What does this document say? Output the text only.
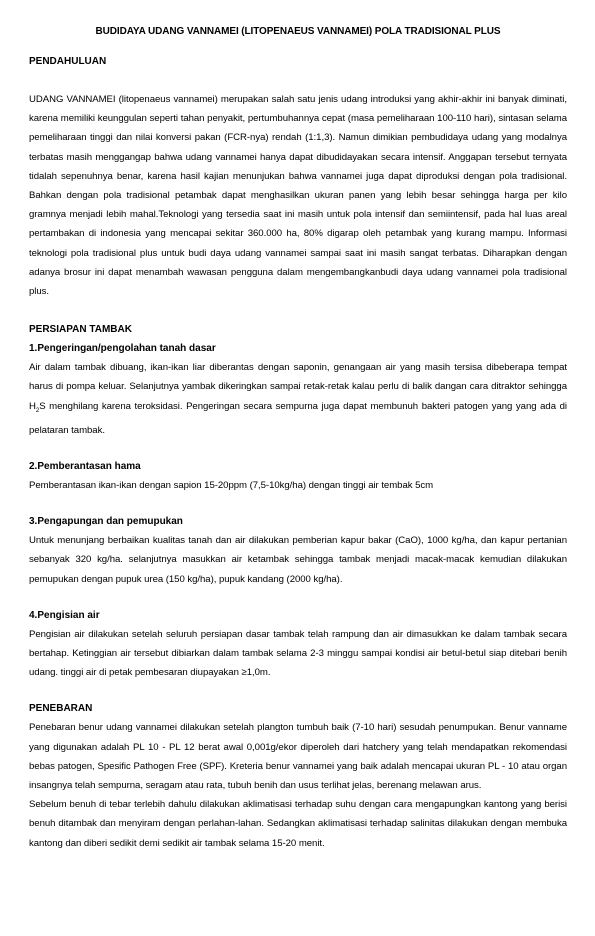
BUDIDAYA UDANG VANNAMEI (LITOPENAEUS VANNAMEI) POLA TRADISIONAL PLUS
PENDAHULUAN

UDANG VANNAMEI (litopenaeus vannamei) merupakan salah satu jenis udang introduksi yang akhir-akhir ini banyak diminati, karena memiliki keunggulan seperti tahan penyakit, pertumbuhannya cepat (masa pemeliharaan 100-110 hari), sintasan selama pemeliharaan tinggi dan nilai konversi pakan (FCR-nya) rendah (1:1,3). Namun dimikian pembudidaya udang yang modalnya terbatas masih menggangap bahwa udang vannamei hanya dapat dibudidayakan secara intensif. Anggapan tersebut ternyata tidalah sepenuhnya benar, karena hasil kajian menunjukan bahwa vannamei juga dapat diproduksi dengan pola tradisional. Bahkan dengan pola tradisional petambak dapat menghasilkan ukuran panen yang lebih besar sehingga harga per kilo gramnya menjadi lebih mahal.Teknologi yang tersedia saat ini masih untuk pola intensif dan semiintensif, pada hal luas areal pertambakan di indonesia yang mencapai sekitar 360.000 ha, 80% digarap oleh petambak yang kurang mampu. Informasi teknologi pola tradisional plus untuk budi daya udang vannamei sampai saat ini masih sangat terbatas. Diharapkan dengan adanya brosur ini dapat menambah wawasan pengguna dalam mengembangkanbudi daya udang vannamei pola tradisional plus.

PERSIAPAN TAMBAK
1.Pengeringan/pengolahan tanah dasar

Air dalam tambak dibuang, ikan-ikan liar diberantas dengan saponin, genangaan air yang masih tersisa dibeberapa tempat harus di pompa keluar. Selanjutnya yambak dikeringkan sampai retak-retak kalau perlu di balik dangan cara ditraktor sehingga $H_2S$ menghilang karena teroksidasi. Pengeringan secara sempurna juga dapat membunuh bakteri patogen yang yang ada di pelataran tambak.

2.Pemberantasan hama

Pemberantasan ikan-ikan dengan sapion 15-20ppm (7,5-10kg/ha) dengan tinggi air tembak 5cm

3.Pengapungan dan pemupukan

Untuk menunjang berbaikan kualitas tanah dan air dilakukan pemberian kapur bakar (CaO), 1000 kg/ha, dan kapur pertanian sebanyak 320 kg/ha. selanjutnya masukkan air ketambak sehingga tambak menjadi macak-macak kemudian dilakukan pemupukan dengan pupuk urea (150 kg/ha), pupuk kandang (2000 kg/ha).

4.Pengisian air

Pengisian air dilakukan setelah seluruh persiapan dasar tambak telah rampung dan air dimasukkan ke dalam tambak secara bertahap. Ketinggian air tersebut dibiarkan dalam tambak selama 2-3 minggu sampai kondisi air betul-betul siap ditebari benih udang. tinggi air di petak pembesaran diupayakan ≥1,0m.

PENEBARAN

Penebaran benur udang vannamei dilakukan setelah plangton tumbuh baik (7-10 hari) sesudah penumpukan. Benur vanname yang digunakan adalah PL 10 - PL 12 berat awal 0,001g/ekor diperoleh dari hatchery yang telah mendapatkan rekomendasi bebas patogen, Spesific Pathogen Free (SPF). Kreteria benur vannamei yang baik adalah mencapai ukuran PL - 10 atau organ insangnya telah sempurna, seragam atau rata, tubuh benih dan usus terlihat jelas, berenang melawan arus.

Sebelum benuh di tebar terlebih dahulu dilakukan aklimatisasi terhadap suhu dengan cara mengapungkan kantong yang berisi benuh ditambak dan menyiram dengan perlahan-lahan. Sedangkan aklimatisasi terhadap salinitas dilakukan dengan membuka kantong dan diberi sedikit demi sedikit air tambak selama 15-20 menit.
